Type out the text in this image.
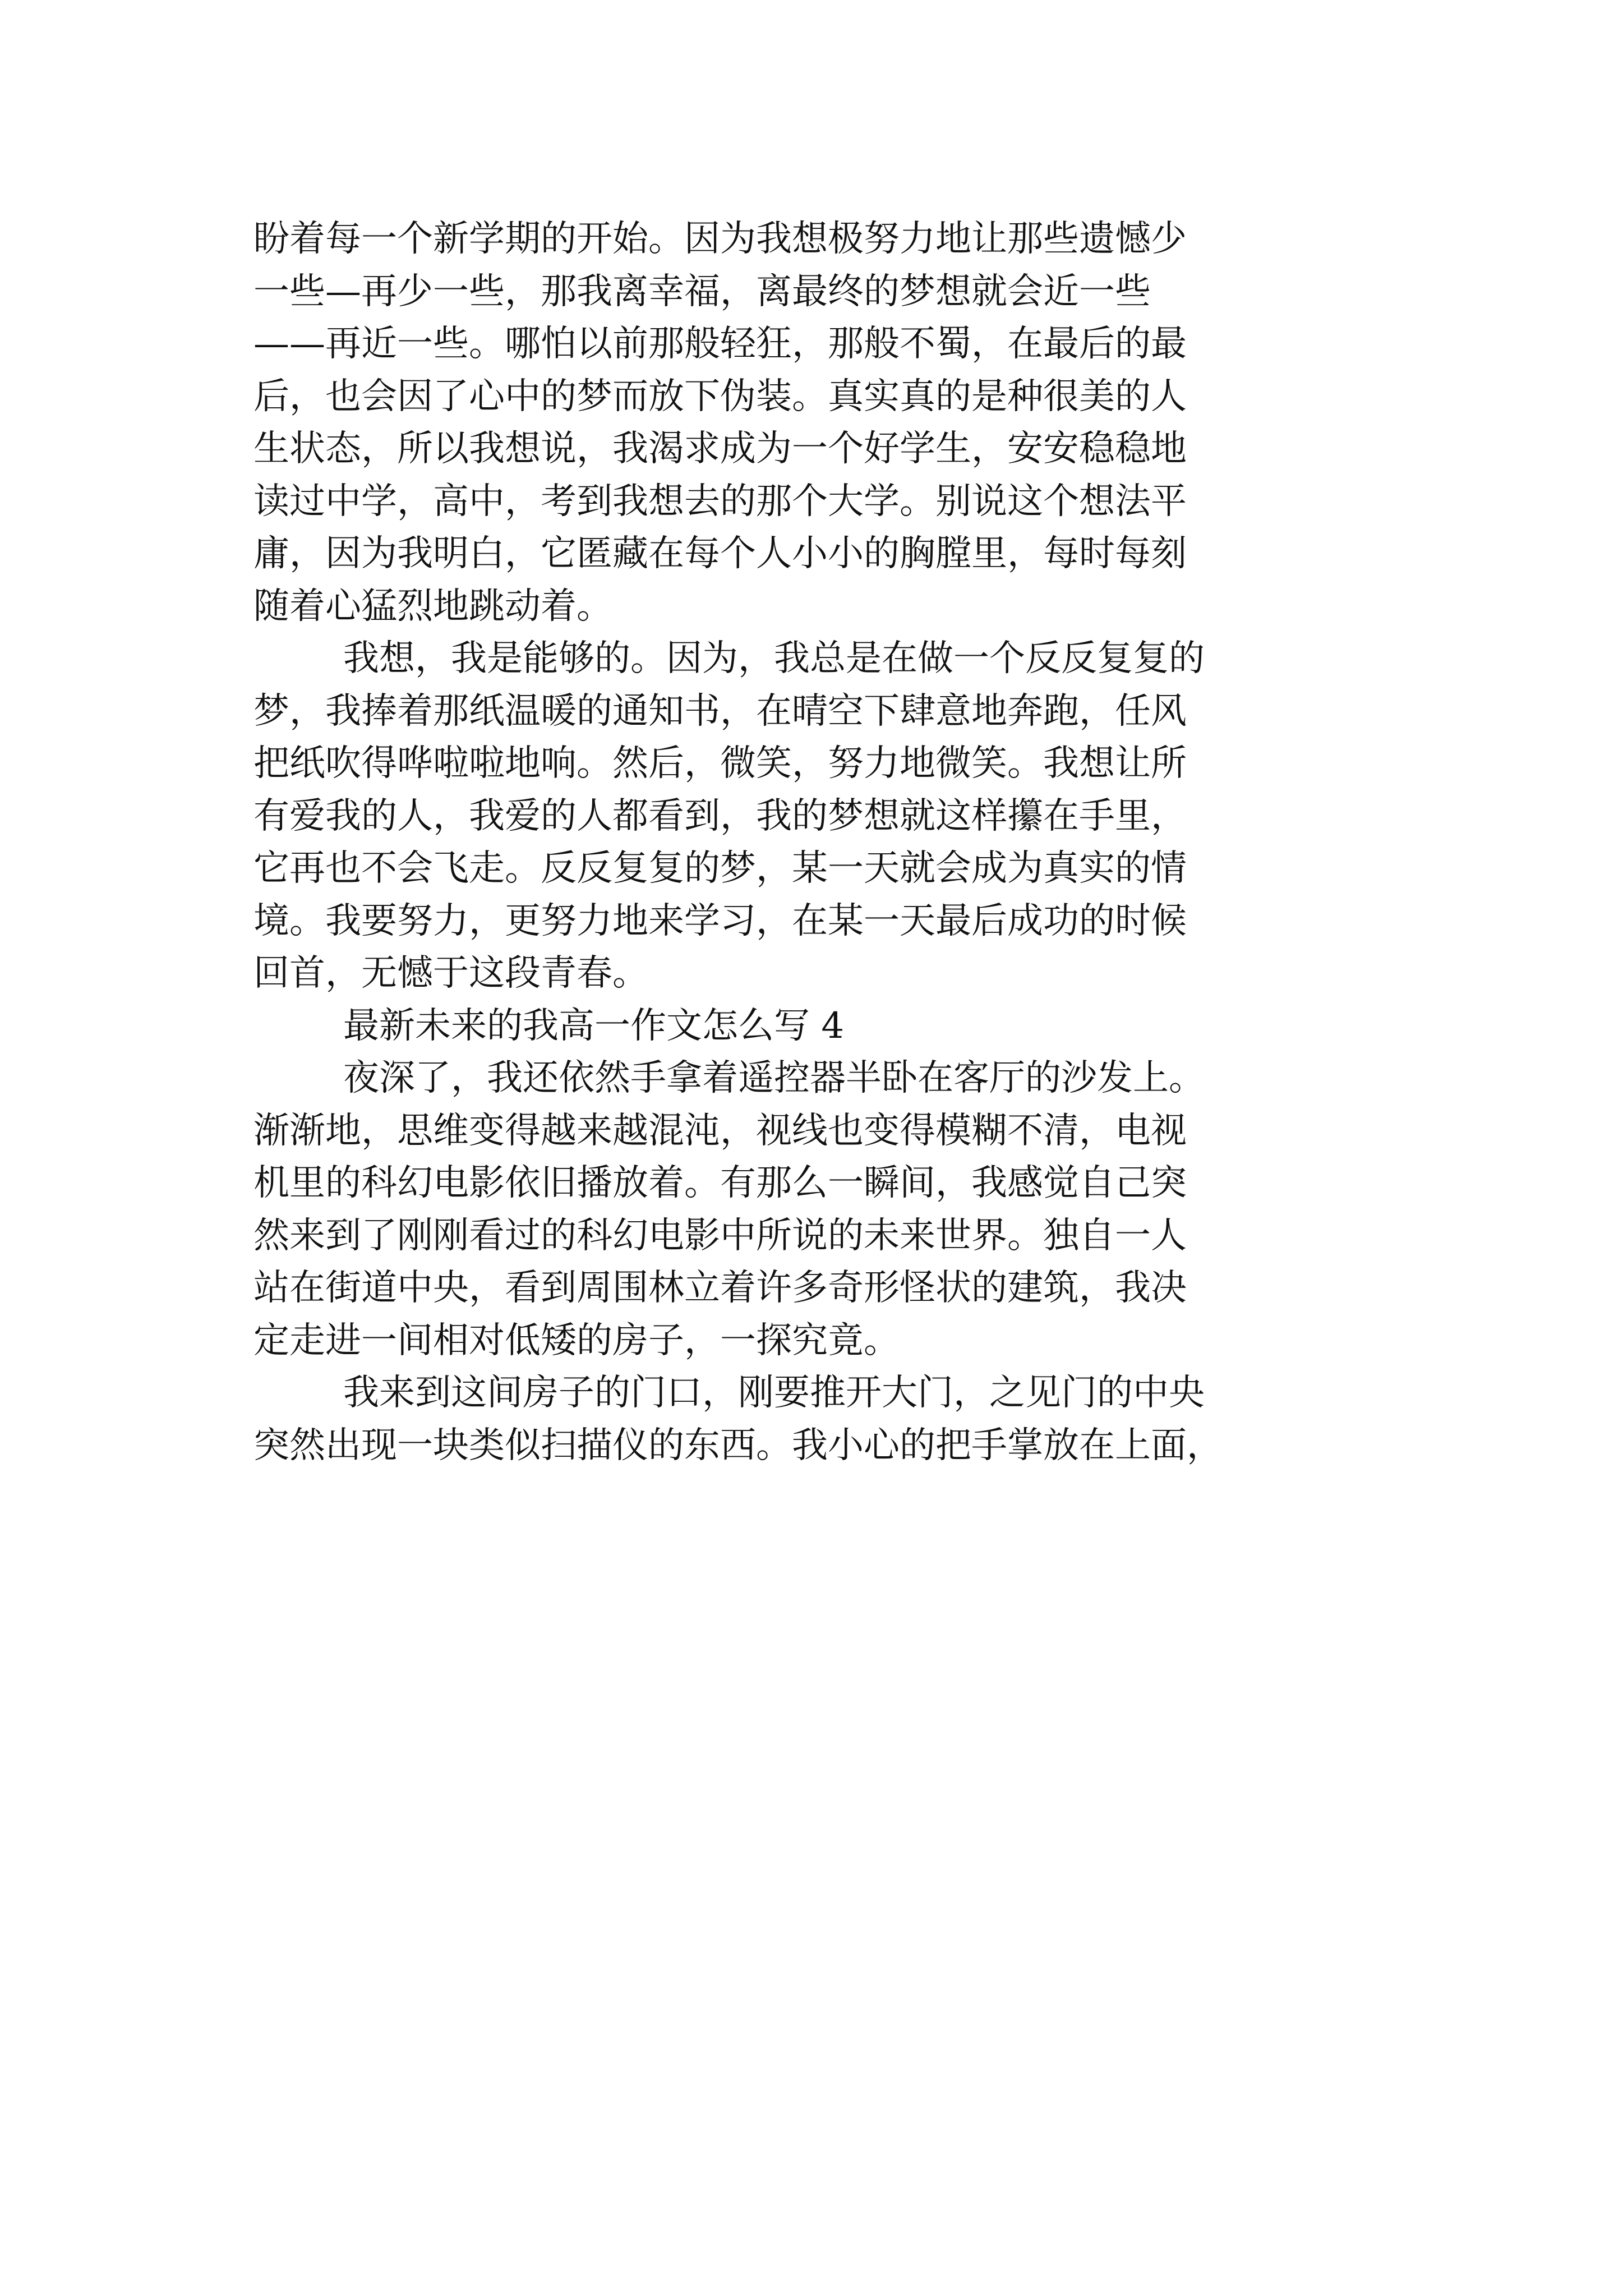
盼着每一个新学期的开始。因为我想极努力地让那些遗憾少
一些—再少一些，那我离幸福，离最终的梦想就会近一些
——再近一些。哪怕以前那般轻狂，那般不蜀，在最后的最
后，也会因了心中的梦而放下伪装。真实真的是种很美的人
生状态，所以我想说，我渴求成为一个好学生，安安稳稳地
读过中学，高中，考到我想去的那个大学。别说这个想法平
庸，因为我明白，它匿藏在每个人小小的胸膛里，每时每刻
随着心猛烈地跳动着。
我想，我是能够的。因为，我总是在做一个反反复复的
梦，我捧着那纸温暖的通知书，在晴空下肆意地奔跑，任风
把纸吹得哗啦啦地响。然后，微笑，努力地微笑。我想让所
有爱我的人，我爱的人都看到，我的梦想就这样攥在手里，
它再也不会飞走。反反复复的梦，某一天就会成为真实的情
境。我要努力，更努力地来学习，在某一天最后成功的时候
回首，无憾于这段青春。
最新未来的我高一作文怎么写 4
夜深了，我还依然手拿着遥控器半卧在客厅的沙发上。
渐渐地，思维变得越来越混沌，视线也变得模糊不清，电视
机里的科幻电影依旧播放着。有那么一瞬间，我感觉自己突
然来到了刚刚看过的科幻电影中所说的未来世界。独自一人
站在街道中央，看到周围林立着许多奇形怪状的建筑，我决
定走进一间相对低矮的房子，一探究竟。
我来到这间房子的门口，刚要推开大门，之见门的中央
突然出现一块类似扫描仪的东西。我小心的把手掌放在上面，
